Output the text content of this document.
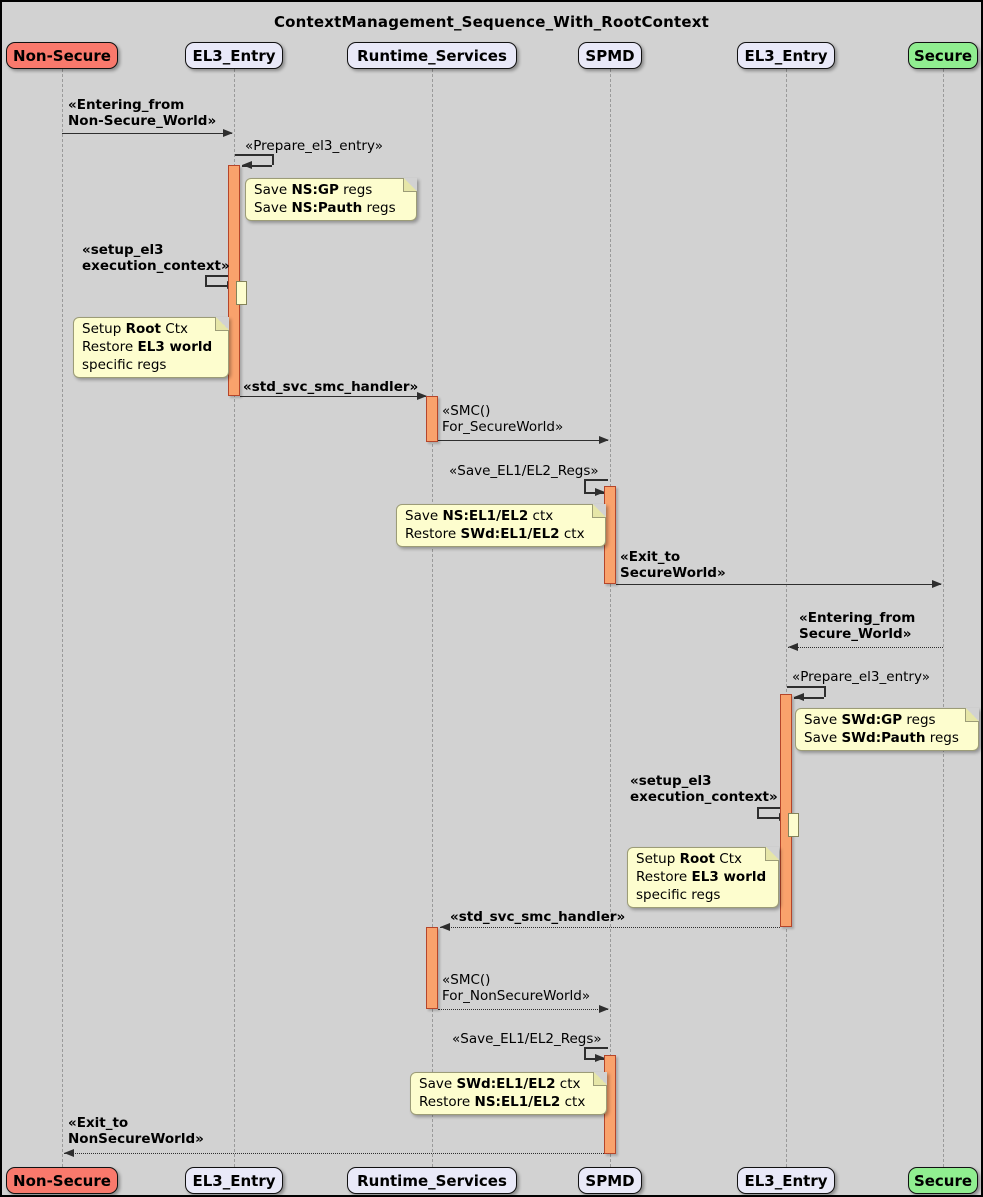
ContextManagement_Sequence_With_RootContext
Save NS:GP regs
Save NS:Pauth regs
Setup Root Ctx
Restore EL3 world
specific regs
Save NS:EL1/EL2 ctx
Restore SWd:EL1/EL2 ctx
Save SWd:GP regs
Save SWd:Pauth regs
Setup Root Ctx
Restore EL3 world
specific regs
Save SWd:EL1/EL2 ctx
Restore NS:EL1/EL2 ctx
«Entering_from
Non-Secure_World»
«Prepare_el3_entry»
«setup_el3
execution_context»
«std_svc_smc_handler»
«SMC()
For_SecureWorld»
«Save_EL1/EL2_Regs»
«Exit_to
SecureWorld»
«Entering_from
Secure_World»
«Prepare_el3_entry»
«setup_el3
execution_context»
«std_svc_smc_handler»
«SMC()
For_NonSecureWorld»
«Save_EL1/EL2_Regs»
«Exit_to
NonSecureWorld»
Non-Secure	EL3_Entry	Runtime_Services	SPMD	EL3_Entry	Secure
Non-Secure	EL3_Entry	Runtime_Services	SPMD	EL3_Entry	Secure
